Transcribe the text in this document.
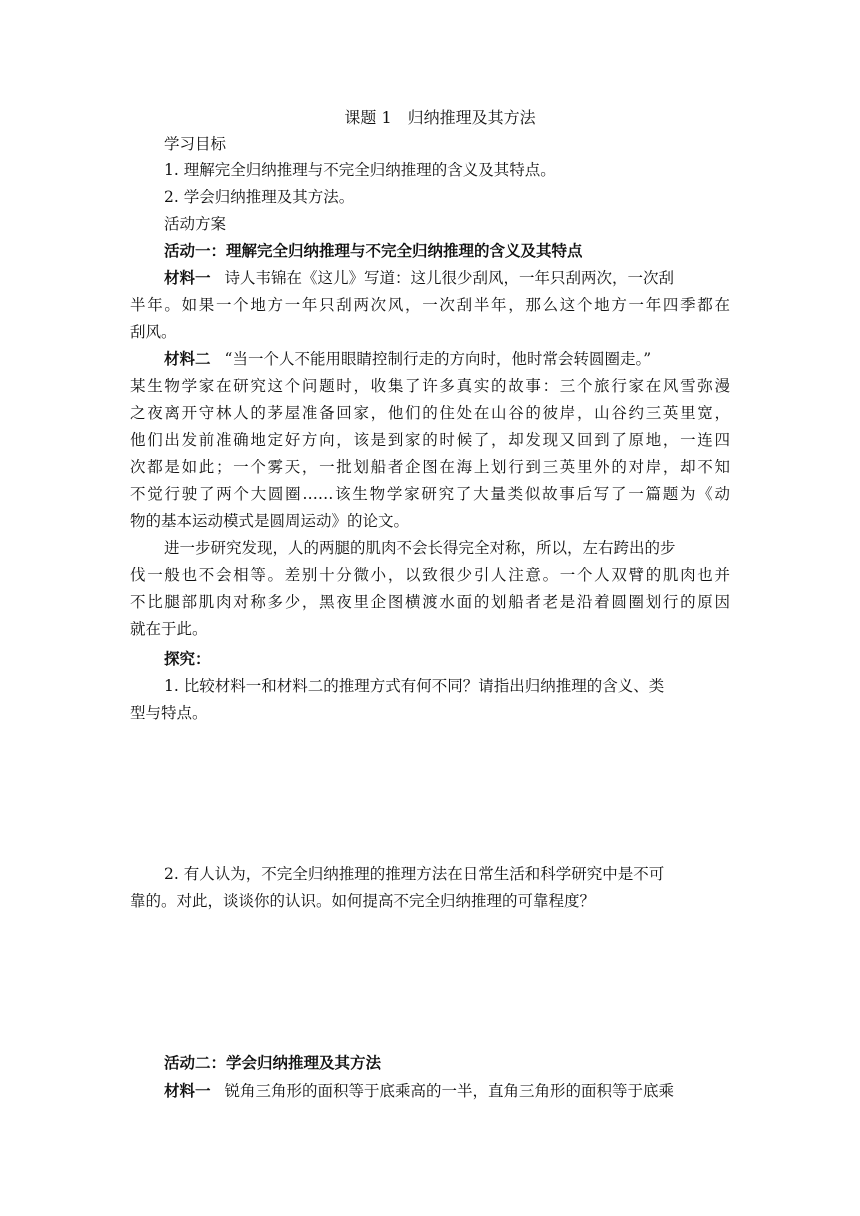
课题 1　归纳推理及其方法
学习目标
1. 理解完全归纳推理与不完全归纳推理的含义及其特点。
2. 学会归纳推理及其方法。
活动方案
活动一：理解完全归纳推理与不完全归纳推理的含义及其特点
材料一 诗人韦锦在《这儿》写道：这儿很少刮风，一年只刮两次，一次刮
半年。如果一个地方一年只刮两次风，一次刮半年，那么这个地方一年四季都在
刮风。
材料二 “当一个人不能用眼睛控制行走的方向时，他时常会转圆圈走。”
某生物学家在研究这个问题时，收集了许多真实的故事：三个旅行家在风雪弥漫
之夜离开守林人的茅屋准备回家，他们的住处在山谷的彼岸，山谷约三英里宽，
他们出发前准确地定好方向，该是到家的时候了，却发现又回到了原地，一连四
次都是如此；一个雾天，一批划船者企图在海上划行到三英里外的对岸，却不知
不觉行驶了两个大圆圈……该生物学家研究了大量类似故事后写了一篇题为《动
物的基本运动模式是圆周运动》的论文。
进一步研究发现，人的两腿的肌肉不会长得完全对称，所以，左右跨出的步
伐一般也不会相等。差别十分微小，以致很少引人注意。一个人双臂的肌肉也并
不比腿部肌肉对称多少，黑夜里企图横渡水面的划船者老是沿着圆圈划行的原因
就在于此。
探究：
1. 比较材料一和材料二的推理方式有何不同？请指出归纳推理的含义、类
型与特点。
2. 有人认为，不完全归纳推理的推理方法在日常生活和科学研究中是不可
靠的。对此，谈谈你的认识。如何提高不完全归纳推理的可靠程度？
活动二：学会归纳推理及其方法
材料一 锐角三角形的面积等于底乘高的一半，直角三角形的面积等于底乘
